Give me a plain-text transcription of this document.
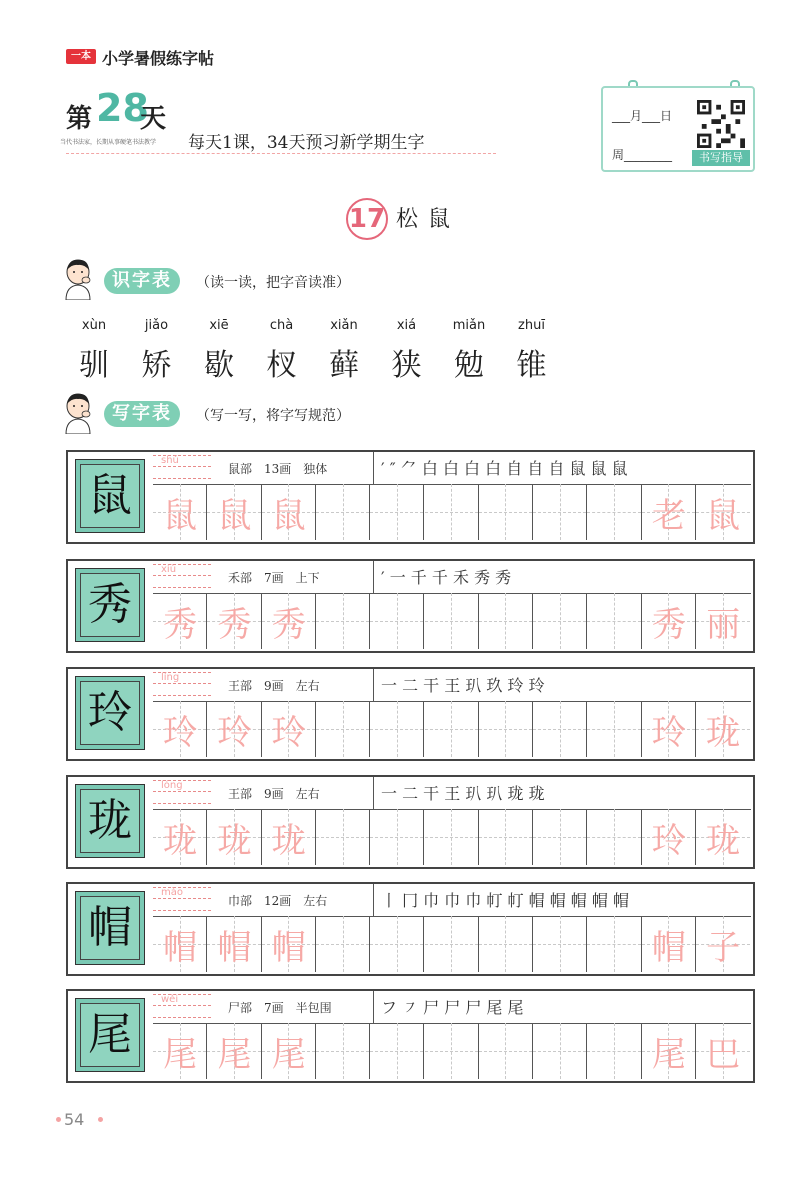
一本 小学暑假练字帖
第 28
天
当代书法家，长期从事硬笔书法教学	每天1课，34天预习新学期生字
___月___日
周________	书写指导
17 松鼠
识字表	（读一读，把字音读准）
xùn
驯
jiǎo
矫
xiē
歇
chà
杈
xiǎn
藓
xiá
狭
miǎn
勉
zhuī
锥
写字表	（写一写，将字写规范）
鼠
shǔ
鼠部　13画　独体	′ ″ ⺈ 白 白 白 白 自 自 自 鼠 鼠 鼠
鼠 鼠 鼠	老 鼠
秀
xiù
禾部　7画　上下	′ ⼀ 千 千 禾 秀 秀
秀 秀 秀	秀 丽
玲
líng
王部　9画　左右	一 二 干 王 玐 玖 玲 玲
玲 玲 玲	玲 珑
珑
lóng
王部　9画　左右	一 二 干 王 玐 玐 珑 珑
珑 珑 珑	玲 珑
帽
mào
巾部　12画　左右	丨 冂 巾 巾 巾 帄 帄 帽 帽 帽 帽 帽
帽 帽 帽	帽 子
尾
wěi
尸部　7画　半包围	フ ㇇ 尸 尸 尸 尾 尾
尾 尾 尾	尾 巴
54
